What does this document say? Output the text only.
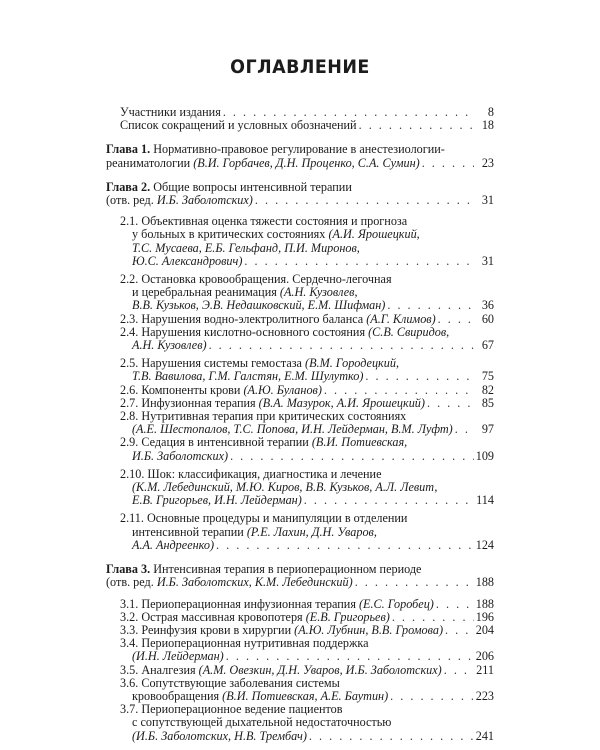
ОГЛАВЛЕНИЕ
Участники издания . . .	8
Список сокращений и условных обозначений . . .	18
Глава 1. Нормативно-правовое регулирование в анестезиологии-
реаниматологии (В.И. Горбачев, Д.Н. Проценко, С.А. Сумин) . . .	23
Глава 2. Общие вопросы интенсивной терапии
(отв. ред. И.Б. Заболотских) . . .	31
2.1. Объективная оценка тяжести состояния и прогноза
у больных в критических состояниях (А.И. Ярошецкий,
Т.С. Мусаева, Е.Б. Гельфанд, П.И. Миронов,
Ю.С. Александрович) . . .	31
2.2. Остановка кровообращения. Сердечно-легочная
и церебральная реанимация (А.Н. Кузовлев,
В.В. Кузьков, Э.В. Недашковский, Е.М. Шифман) . . .	36
2.3. Нарушения водно-электролитного баланса (А.Г. Климов) . . .	60
2.4. Нарушения кислотно-основного состояния (С.В. Свиридов,
А.Н. Кузовлев) . . .	67
2.5. Нарушения системы гемостаза (В.М. Городецкий,
Т.В. Вавилова, Г.М. Галстян, Е.М. Шулутко) . . .	75
2.6. Компоненты крови (А.Ю. Буланов) . . .	82
2.7. Инфузионная терапия (В.А. Мазурок, А.И. Ярошецкий) . . .	85
2.8. Нутритивная терапия при критических состояниях
(А.Е. Шестопалов, Т.С. Попова, И.Н. Лейдерман, В.М. Луфт) . . .	97
2.9. Седация в интенсивной терапии (В.И. Потиевская,
И.Б. Заболотских) . . .	109
2.10. Шок: классификация, диагностика и лечение
(К.М. Лебединский, М.Ю. Киров, В.В. Кузьков, А.Л. Левит,
Е.В. Григорьев, И.Н. Лейдерман) . . .	114
2.11. Основные процедуры и манипуляции в отделении
интенсивной терапии (Р.Е. Лахин, Д.Н. Уваров,
А.А. Андреенко) . . .	124
Глава 3. Интенсивная терапия в периоперационном периоде
(отв. ред. И.Б. Заболотских, К.М. Лебединский) . . .	188
3.1. Периоперационная инфузионная терапия (Е.С. Горобец) . . .	188
3.2. Острая массивная кровопотеря (Е.В. Григорьев) . . .	196
3.3. Реинфузия крови в хирургии (А.Ю. Лубнин, В.В. Громова) . . .	204
3.4. Периоперационная нутритивная поддержка
(И.Н. Лейдерман) . . .	206
3.5. Аналгезия (А.М. Овезкин, Д.Н. Уваров, И.Б. Заболотских) . . .	211
3.6. Сопутствующие заболевания системы
кровообращения (В.И. Потиевская, А.Е. Баутин) . . .	223
3.7. Периоперационное ведение пациентов
с сопутствующей дыхательной недостаточностью
(И.Б. Заболотских, Н.В. Трембач) . . .	241
